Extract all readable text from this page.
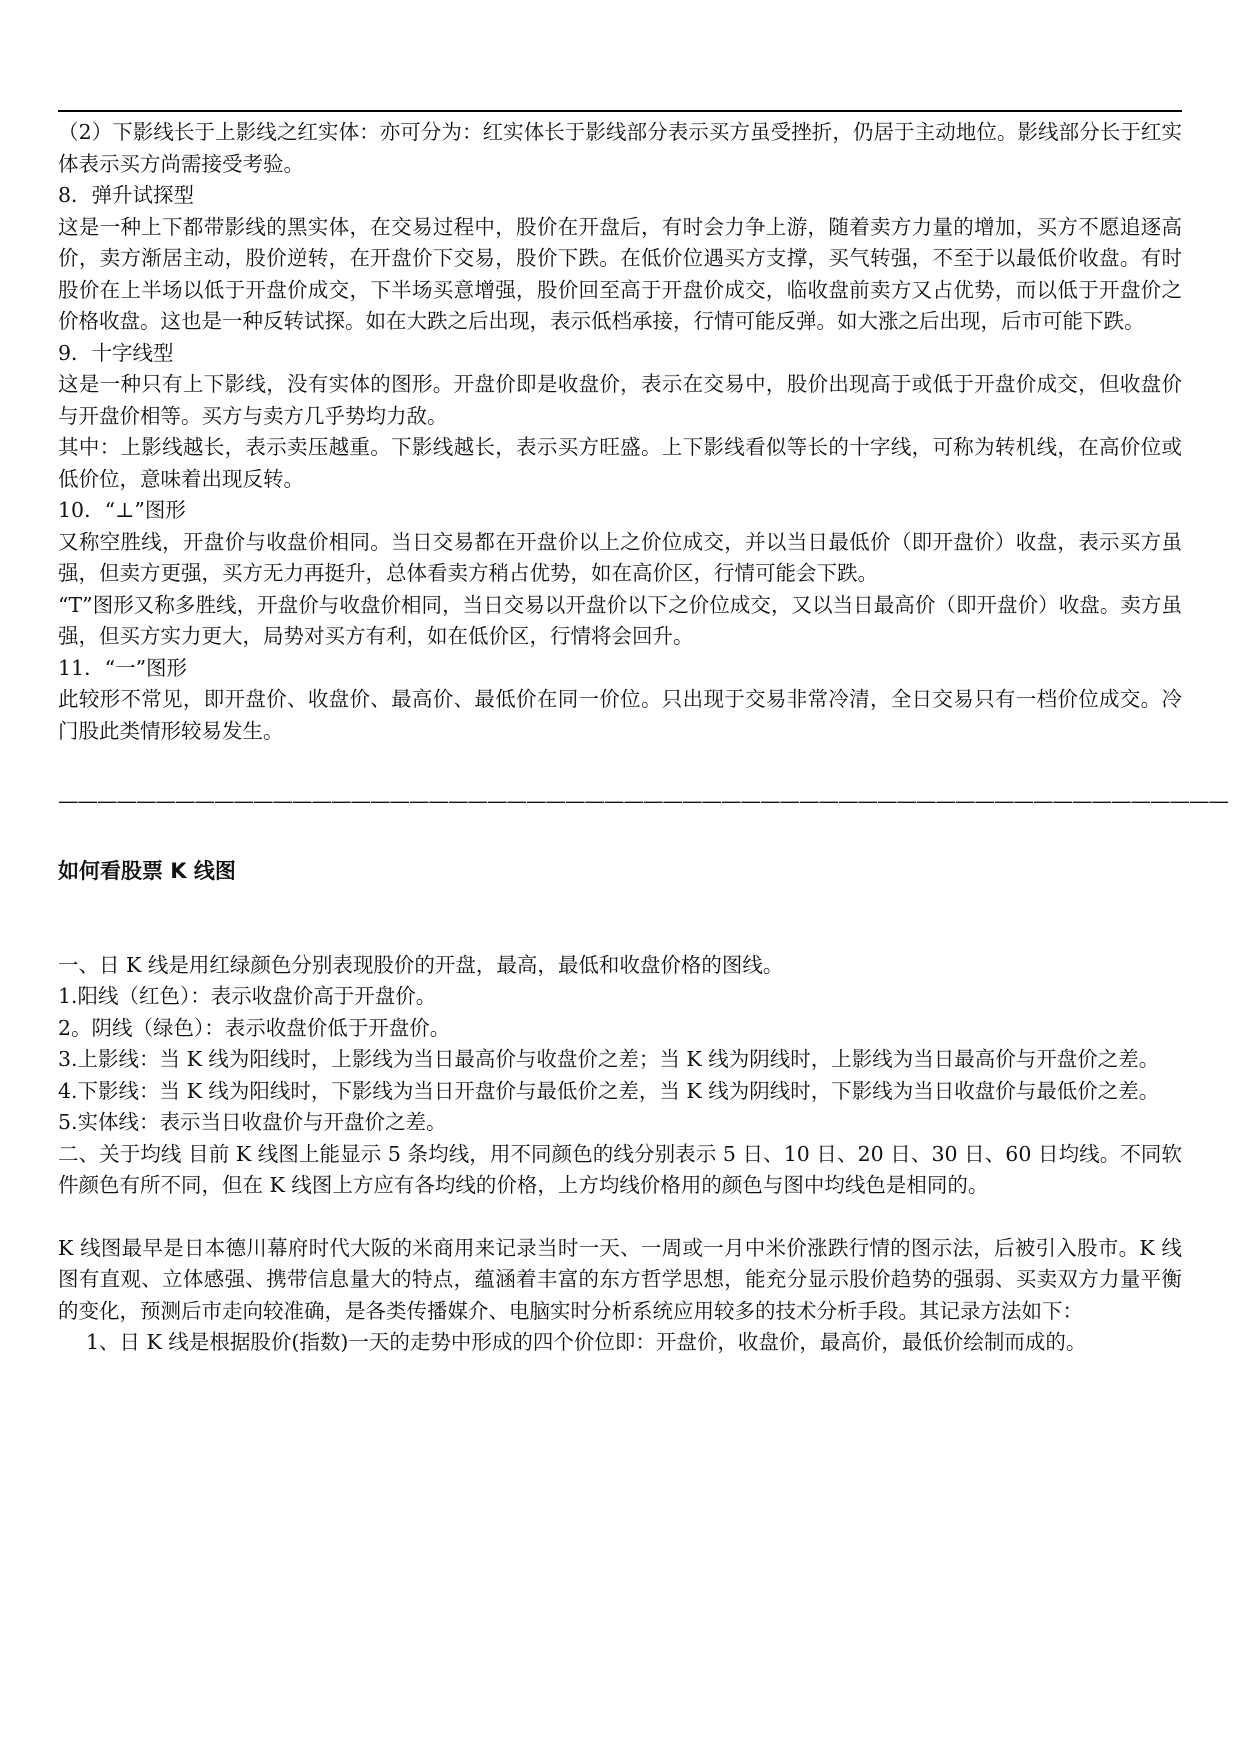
（2）下影线长于上影线之红实体：亦可分为：红实体长于影线部分表示买方虽受挫折，仍居于主动地位。影线部分长于红实体表示买方尚需接受考验。

8．弹升试探型

这是一种上下都带影线的黑实体，在交易过程中，股价在开盘后，有时会力争上游，随着卖方力量的增加，买方不愿追逐高价，卖方渐居主动，股价逆转，在开盘价下交易，股价下跌。在低价位遇买方支撑，买气转强，不至于以最低价收盘。有时股价在上半场以低于开盘价成交，下半场买意增强，股价回至高于开盘价成交，临收盘前卖方又占优势，而以低于开盘价之价格收盘。这也是一种反转试探。如在大跌之后出现，表示低档承接，行情可能反弹。如大涨之后出现，后市可能下跌。

9．十字线型

这是一种只有上下影线，没有实体的图形。开盘价即是收盘价，表示在交易中，股价出现高于或低于开盘价成交，但收盘价与开盘价相等。买方与卖方几乎势均力敌。

其中：上影线越长，表示卖压越重。下影线越长，表示买方旺盛。上下影线看似等长的十字线，可称为转机线，在高价位或低价位，意味着出现反转。

10．“⊥”图形

又称空胜线，开盘价与收盘价相同。当日交易都在开盘价以上之价位成交，并以当日最低价（即开盘价）收盘，表示买方虽强，但卖方更强，买方无力再挺升，总体看卖方稍占优势，如在高价区，行情可能会下跌。

“T”图形又称多胜线，开盘价与收盘价相同，当日交易以开盘价以下之价位成交，又以当日最高价（即开盘价）收盘。卖方虽强，但买方实力更大，局势对买方有利，如在低价区，行情将会回升。

11．“一”图形

此较形不常见，即开盘价、收盘价、最高价、最低价在同一价位。只出现于交易非常冷清，全日交易只有一档价位成交。冷门股此类情形较易发生。

————————————————————————————————————————————————————————————

如何看股票 K 线图

一、日 K 线是用红绿颜色分别表现股价的开盘，最高，最低和收盘价格的图线。

1.阳线（红色）：表示收盘价高于开盘价。

2。阴线（绿色）：表示收盘价低于开盘价。

3.上影线：当 K 线为阳线时，上影线为当日最高价与收盘价之差；当 K 线为阴线时，上影线为当日最高价与开盘价之差。

4.下影线：当 K 线为阳线时，下影线为当日开盘价与最低价之差，当 K 线为阴线时，下影线为当日收盘价与最低价之差。

5.实体线：表示当日收盘价与开盘价之差。

二、关于均线 目前 K 线图上能显示 5 条均线，用不同颜色的线分别表示 5 日、10 日、20 日、30 日、60 日均线。不同软件颜色有所不同，但在 K 线图上方应有各均线的价格，上方均线价格用的颜色与图中均线色是相同的。

K 线图最早是日本德川幕府时代大阪的米商用来记录当时一天、一周或一月中米价涨跌行情的图示法，后被引入股市。K 线图有直观、立体感强、携带信息量大的特点，蕴涵着丰富的东方哲学思想，能充分显示股价趋势的强弱、买卖双方力量平衡的变化，预测后市走向较准确，是各类传播媒介、电脑实时分析系统应用较多的技术分析手段。其记录方法如下：

1、日 K 线是根据股价(指数)一天的走势中形成的四个价位即：开盘价，收盘价，最高价，最低价绘制而成的。
